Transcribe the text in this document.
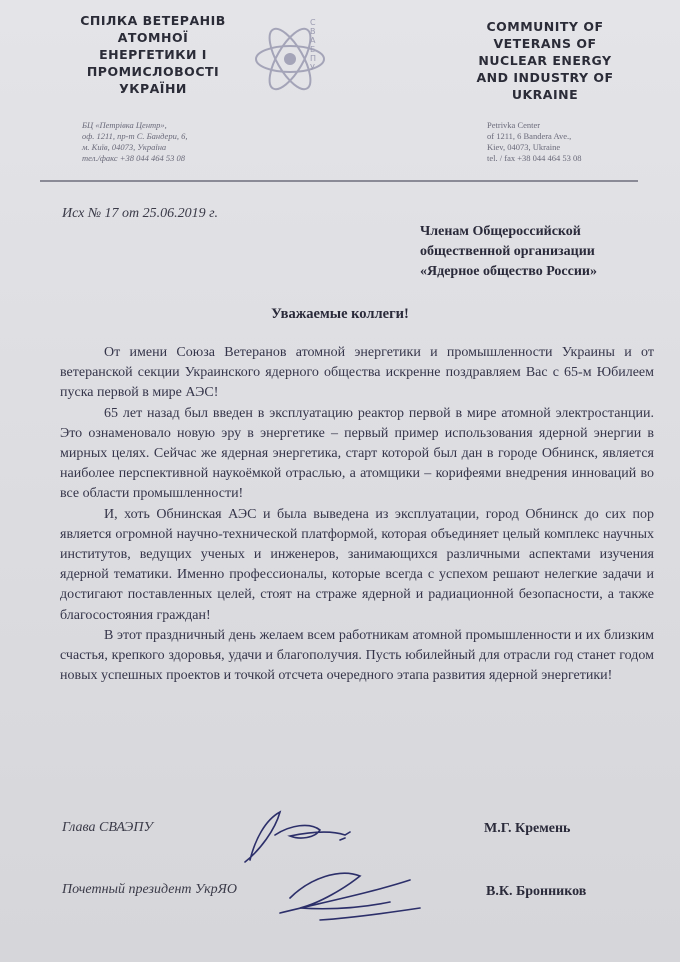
СПІЛКА ВЕТЕРАНІВ
АТОМНОЇ
ЕНЕРГЕТИКИ І
ПРОМИСЛОВОСТІ
УКРАЇНИ
С
В
А
Е
П
У
COMMUNITY OF
VETERANS OF
NUCLEAR ENERGY
AND INDUSTRY OF
UKRAINE
БЦ «Петрівка Центр»,
оф. 1211, пр-т С. Бандери, 6,
м. Київ, 04073, Україна
тел./факс +38 044 464 53 08
Petrivka Center
of 1211, 6 Bandera Ave.,
Kiev, 04073, Ukraine
tel. / fax +38 044 464 53 08
Исх № 17 от 25.06.2019 г.
Членам Общероссийской
общественной организации
«Ядерное общество России»
Уважаемые коллеги!

От имени Союза Ветеранов атомной энергетики и промышленности Украины и от ветеранской секции Украинского ядерного общества искренне поздравляем Вас с 65-м Юбилеем пуска первой в мире АЭС!

65 лет назад был введен в эксплуатацию реактор первой в мире атомной электростанции. Это ознаменовало новую эру в энергетике – первый пример использования ядерной энергии в мирных целях. Сейчас же ядерная энергетика, старт которой был дан в городе Обнинск, является наиболее перспективной наукоёмкой отраслью, а атомщики – корифеями внедрения инноваций во все области промышленности!

И, хоть Обнинская АЭС и была выведена из эксплуатации, город Обнинск до сих пор является огромной научно-технической платформой, которая объединяет целый комплекс научных институтов, ведущих ученых и инженеров, занимающихся различными аспектами изучения ядерной тематики. Именно профессионалы, которые всегда с успехом решают нелегкие задачи и достигают поставленных целей, стоят на страже ядерной и радиационной безопасности, а также благосостояния граждан!

В этот праздничный день желаем всем работникам атомной промышленности и их близким счастья, крепкого здоровья, удачи и благополучия. Пусть юбилейный для отрасли год станет годом новых успешных проектов и точкой отсчета очередного этапа развития ядерной энергетики!

Глава СВАЭПУ	М.Г. Кремень
Почетный президент УкрЯО	В.К. Бронников
